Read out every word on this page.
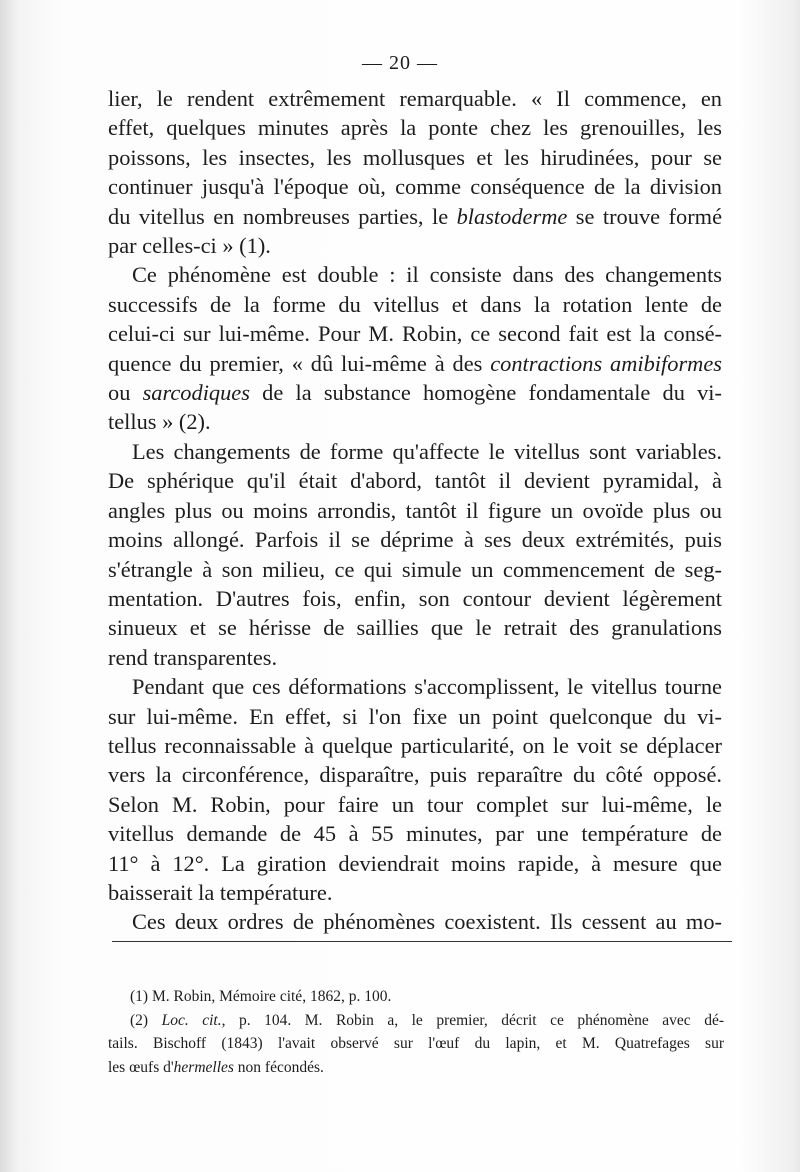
— 20 —
lier, le rendent extrêmement remarquable. « Il commence, en
effet, quelques minutes après la ponte chez les grenouilles, les
poissons, les insectes, les mollusques et les hirudinées, pour se
continuer jusqu'à l'époque où, comme conséquence de la division
du vitellus en nombreuses parties, le blastoderme se trouve formé
par celles-ci » (1).
Ce phénomène est double : il consiste dans des changements
successifs de la forme du vitellus et dans la rotation lente de
celui-ci sur lui-même. Pour M. Robin, ce second fait est la consé-
quence du premier, « dû lui-même à des contractions amibiformes
ou sarcodiques de la substance homogène fondamentale du vi-
tellus » (2).
Les changements de forme qu'affecte le vitellus sont variables.
De sphérique qu'il était d'abord, tantôt il devient pyramidal, à
angles plus ou moins arrondis, tantôt il figure un ovoïde plus ou
moins allongé. Parfois il se déprime à ses deux extrémités, puis
s'étrangle à son milieu, ce qui simule un commencement de seg-
mentation. D'autres fois, enfin, son contour devient légèrement
sinueux et se hérisse de saillies que le retrait des granulations
rend transparentes.
Pendant que ces déformations s'accomplissent, le vitellus tourne
sur lui-même. En effet, si l'on fixe un point quelconque du vi-
tellus reconnaissable à quelque particularité, on le voit se déplacer
vers la circonférence, disparaître, puis reparaître du côté opposé.
Selon M. Robin, pour faire un tour complet sur lui-même, le
vitellus demande de 45 à 55 minutes, par une température de
11° à 12°. La giration deviendrait moins rapide, à mesure que
baisserait la température.
Ces deux ordres de phénomènes coexistent. Ils cessent au mo-
(1) M. Robin, Mémoire cité, 1862, p. 100.
(2) Loc. cit., p. 104. M. Robin a, le premier, décrit ce phénomène avec dé-
tails. Bischoff (1843) l'avait observé sur l'œuf du lapin, et M. Quatrefages sur
les œufs d'hermelles non fécondés.
